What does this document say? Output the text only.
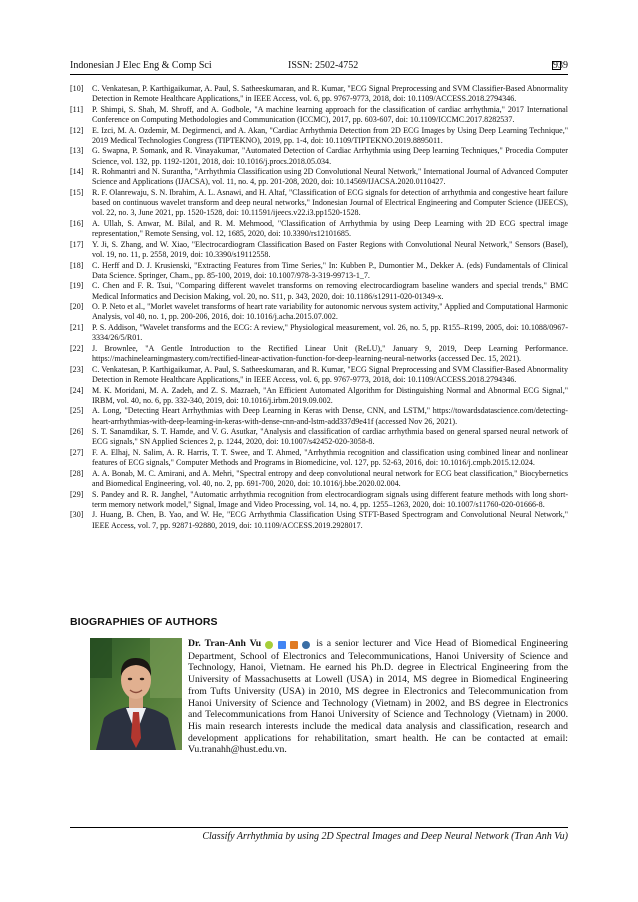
Indonesian J Elec Eng & Comp Sci	ISSN: 2502-4752	939
[10]	C. Venkatesan, P. Karthigaikumar, A. Paul, S. Satheeskumaran, and R. Kumar, "ECG Signal Preprocessing and SVM Classifier-Based Abnormality Detection in Remote Healthcare Applications," in IEEE Access, vol. 6, pp. 9767-9773, 2018, doi: 10.1109/ACCESS.2018.2794346.
[11]	P. Shimpi, S. Shah, M. Shroff, and A. Godbole, "A machine learning approach for the classification of cardiac arrhythmia," 2017 International Conference on Computing Methodologies and Communication (ICCMC), 2017, pp. 603-607, doi: 10.1109/ICCMC.2017.8282537.
[12]	E. Izci, M. A. Ozdemir, M. Degirmenci, and A. Akan, "Cardiac Arrhythmia Detection from 2D ECG Images by Using Deep Learning Technique," 2019 Medical Technologies Congress (TIPTEKNO), 2019, pp. 1-4, doi: 10.1109/TIPTEKNO.2019.8895011.
[13]	G. Swapna, P. Somank, and R. Vinayakumar, "Automated Detection of Cardiac Arrhythmia using Deep learning Techniques," Procedia Computer Science, vol. 132, pp. 1192-1201, 2018, doi: 10.1016/j.procs.2018.05.034.
[14]	R. Rohmantri and N. Surantha, "Arrhythmia Classification using 2D Convolutional Neural Network," International Journal of Advanced Computer Science and Applications (IJACSA), vol. 11, no. 4, pp. 201-208, 2020, doi: 10.14569/IJACSA.2020.0110427.
[15]	R. F. Olanrewaju, S. N. Ibrahim, A. L. Asnawi, and H. Altaf, "Classification of ECG signals for detection of arrhythmia and congestive heart failure based on continuous wavelet transform and deep neural networks," Indonesian Journal of Electrical Engineering and Computer Science (IJEECS), vol. 22, no. 3, June 2021, pp. 1520-1528, doi: 10.11591/ijeecs.v22.i3.pp1520-1528.
[16]	A. Ullah, S. Anwar, M. Bilal, and R. M. Mehmood, "Classification of Arrhythmia by using Deep Learning with 2D ECG spectral image representation," Remote Sensing, vol. 12, 1685, 2020, doi: 10.3390/rs12101685.
[17]	Y. Ji, S. Zhang, and W. Xiao, "Electrocardiogram Classification Based on Faster Regions with Convolutional Neural Network," Sensors (Basel), vol. 19, no. 11, p. 2558, 2019, doi: 10.3390/s19112558.
[18]	C. Herff and D. J. Krusienski, "Extracting Features from Time Series," In: Kubben P., Dumontier M., Dekker A. (eds) Fundamentals of Clinical Data Science. Springer, Cham., pp. 85-100, 2019, doi: 10.1007/978-3-319-99713-1_7.
[19]	C. Chen and F. R. Tsui, "Comparing different wavelet transforms on removing electrocardiogram baseline wanders and special trends," BMC Medical Informatics and Decision Making, vol. 20, no. S11, p. 343, 2020, doi: 10.1186/s12911-020-01349-x.
[20]	O. P. Neto et al., "Morlet wavelet transforms of heart rate variability for autonomic nervous system activity," Applied and Computational Harmonic Analysis, vol 40, no. 1, pp. 200-206, 2016, doi: 10.1016/j.acha.2015.07.002.
[21]	P. S. Addison, "Wavelet transforms and the ECG: A review," Physiological measurement, vol. 26, no. 5, pp. R155–R199, 2005, doi: 10.1088/0967-3334/26/5/R01.
[22]	J. Brownlee, "A Gentle Introduction to the Rectified Linear Unit (ReLU)," January 9, 2019, Deep Learning Performance. https://machinelearningmastery.com/rectified-linear-activation-function-for-deep-learning-neural-networks (accessed Dec. 15, 2021).
[23]	C. Venkatesan, P. Karthigaikumar, A. Paul, S. Satheeskumaran, and R. Kumar, "ECG Signal Preprocessing and SVM Classifier-Based Abnormality Detection in Remote Healthcare Applications," in IEEE Access, vol. 6, pp. 9767-9773, 2018, doi: 10.1109/ACCESS.2018.2794346.
[24]	M. K. Moridani, M. A. Zadeh, and Z. S. Mazraeh, "An Efficient Automated Algorithm for Distinguishing Normal and Abnormal ECG Signal," IRBM, vol. 40, no. 6, pp. 332-340, 2019, doi: 10.1016/j.irbm.2019.09.002.
[25]	A. Long, "Detecting Heart Arrhythmias with Deep Learning in Keras with Dense, CNN, and LSTM," https://towardsdatascience.com/detecting-heart-arrhythmias-with-deep-learning-in-keras-with-dense-cnn-and-lstm-add337d9e41f (accessed Nov 26, 2021).
[26]	S. T. Sanamdikar, S. T. Hamde, and V. G. Asutkar, "Analysis and classification of cardiac arrhythmia based on general sparsed neural network of ECG signals," SN Applied Sciences 2, p. 1244, 2020, doi: 10.1007/s42452-020-3058-8.
[27]	F. A. Elhaj, N. Salim, A. R. Harris, T. T. Swee, and T. Ahmed, "Arrhythmia recognition and classification using combined linear and nonlinear features of ECG signals," Computer Methods and Programs in Biomedicine, vol. 127, pp. 52-63, 2016, doi: 10.1016/j.cmpb.2015.12.024.
[28]	A. A. Bonab, M. C. Amirani, and A. Mehri, "Spectral entropy and deep convolutional neural network for ECG beat classification," Biocybernetics and Biomedical Engineering, vol. 40, no. 2, pp. 691-700, 2020, doi: 10.1016/j.bbe.2020.02.004.
[29]	S. Pandey and R. R. Janghel, "Automatic arrhythmia recognition from electrocardiogram signals using different feature methods with long short-term memory network model," Signal, Image and Video Processing, vol. 14, no. 4, pp. 1255–1263, 2020, doi: 10.1007/s11760-020-01666-8.
[30]	J. Huang, B. Chen, B. Yao, and W. He, "ECG Arrhythmia Classification Using STFT-Based Spectrogram and Convolutional Neural Network," IEEE Access, vol. 7, pp. 92871-92880, 2019, doi: 10.1109/ACCESS.2019.2928017.
BIOGRAPHIES OF AUTHORS
Dr. Tran-Anh Vu	is a senior lecturer and Vice Head of Biomedical Engineering Department, School of Electronics and Telecommunications, Hanoi University of Science and Technology, Hanoi, Vietnam. He earned his Ph.D. degree in Electrical Engineering from the University of Massachusetts at Lowell (USA) in 2014, MS degree in Biomedical Engineering from Tufts University (USA) in 2010, MS degree in Electronics and Telecommunication from Hanoi University of Science and Technology (Vietnam) in 2002, and BS degree in Electronics and Telecommunications from Hanoi University of Science and Technology (Vietnam) in 2000. His main research interests include the medical data analysis and classification, research and development applications for rehabilitation, smart health. He can be contacted at email: Vu.tranahh@hust.edu.vn.
Classify Arrhythmia by using 2D Spectral Images and Deep Neural Network (Tran Anh Vu)
